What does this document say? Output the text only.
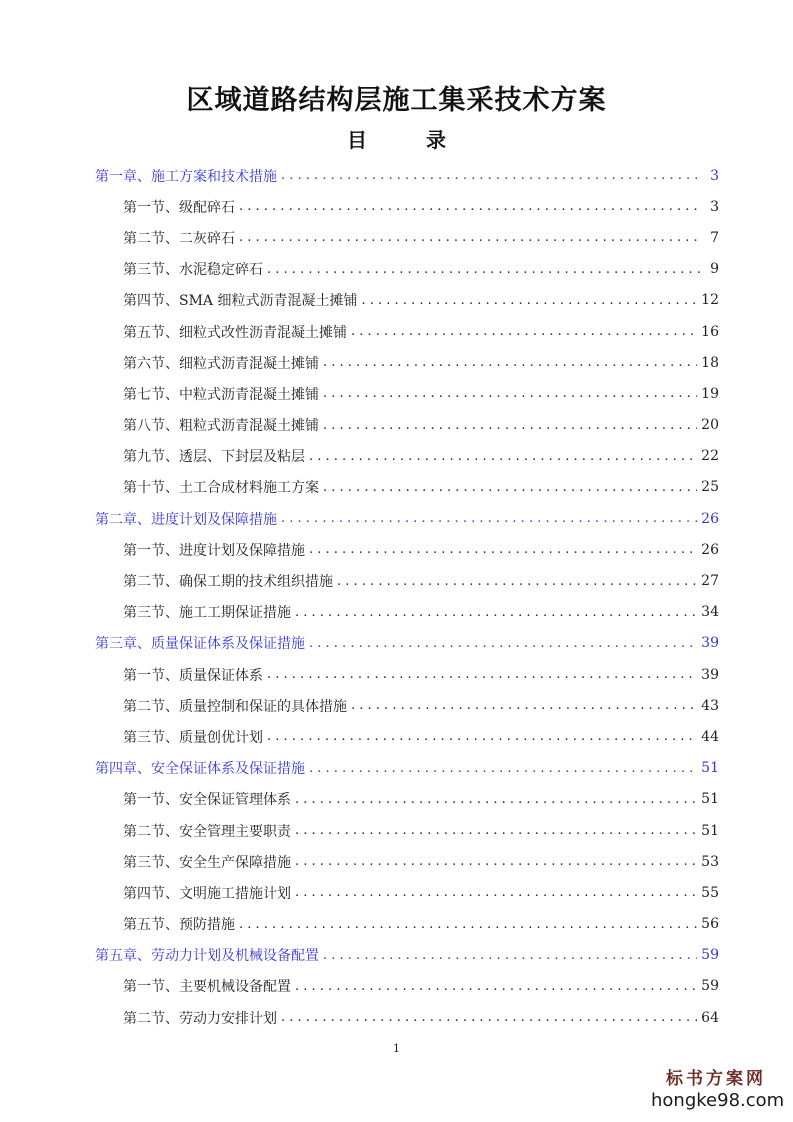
区域道路结构层施工集采技术方案
目 录
第一章、施工方案和技术措施 . . .	3
第一节、级配碎石 . . .	3
第二节、二灰碎石 . . .	7
第三节、水泥稳定碎石 . . .	9
第四节、SMA 细粒式沥青混凝土摊铺 . . .	12
第五节、细粒式改性沥青混凝土摊铺 . . .	16
第六节、细粒式沥青混凝土摊铺 . . .	18
第七节、中粒式沥青混凝土摊铺 . . .	19
第八节、粗粒式沥青混凝土摊铺 . . .	20
第九节、透层、下封层及粘层 . . .	22
第十节、土工合成材料施工方案 . . .	25
第二章、进度计划及保障措施 . . .	26
第一节、进度计划及保障措施 . . .	26
第二节、确保工期的技术组织措施 . . .	27
第三节、施工工期保证措施 . . .	34
第三章、质量保证体系及保证措施 . . .	39
第一节、质量保证体系 . . .	39
第二节、质量控制和保证的具体措施 . . .	43
第三节、质量创优计划 . . .	44
第四章、安全保证体系及保证措施 . . .	51
第一节、安全保证管理体系 . . .	51
第二节、安全管理主要职责 . . .	51
第三节、安全生产保障措施 . . .	53
第四节、文明施工措施计划 . . .	55
第五节、预防措施 . . .	56
第五章、劳动力计划及机械设备配置 . . .	59
第一节、主要机械设备配置 . . .	59
第二节、劳动力安排计划 . . .	64
1
标书方案网
hongke98.com
